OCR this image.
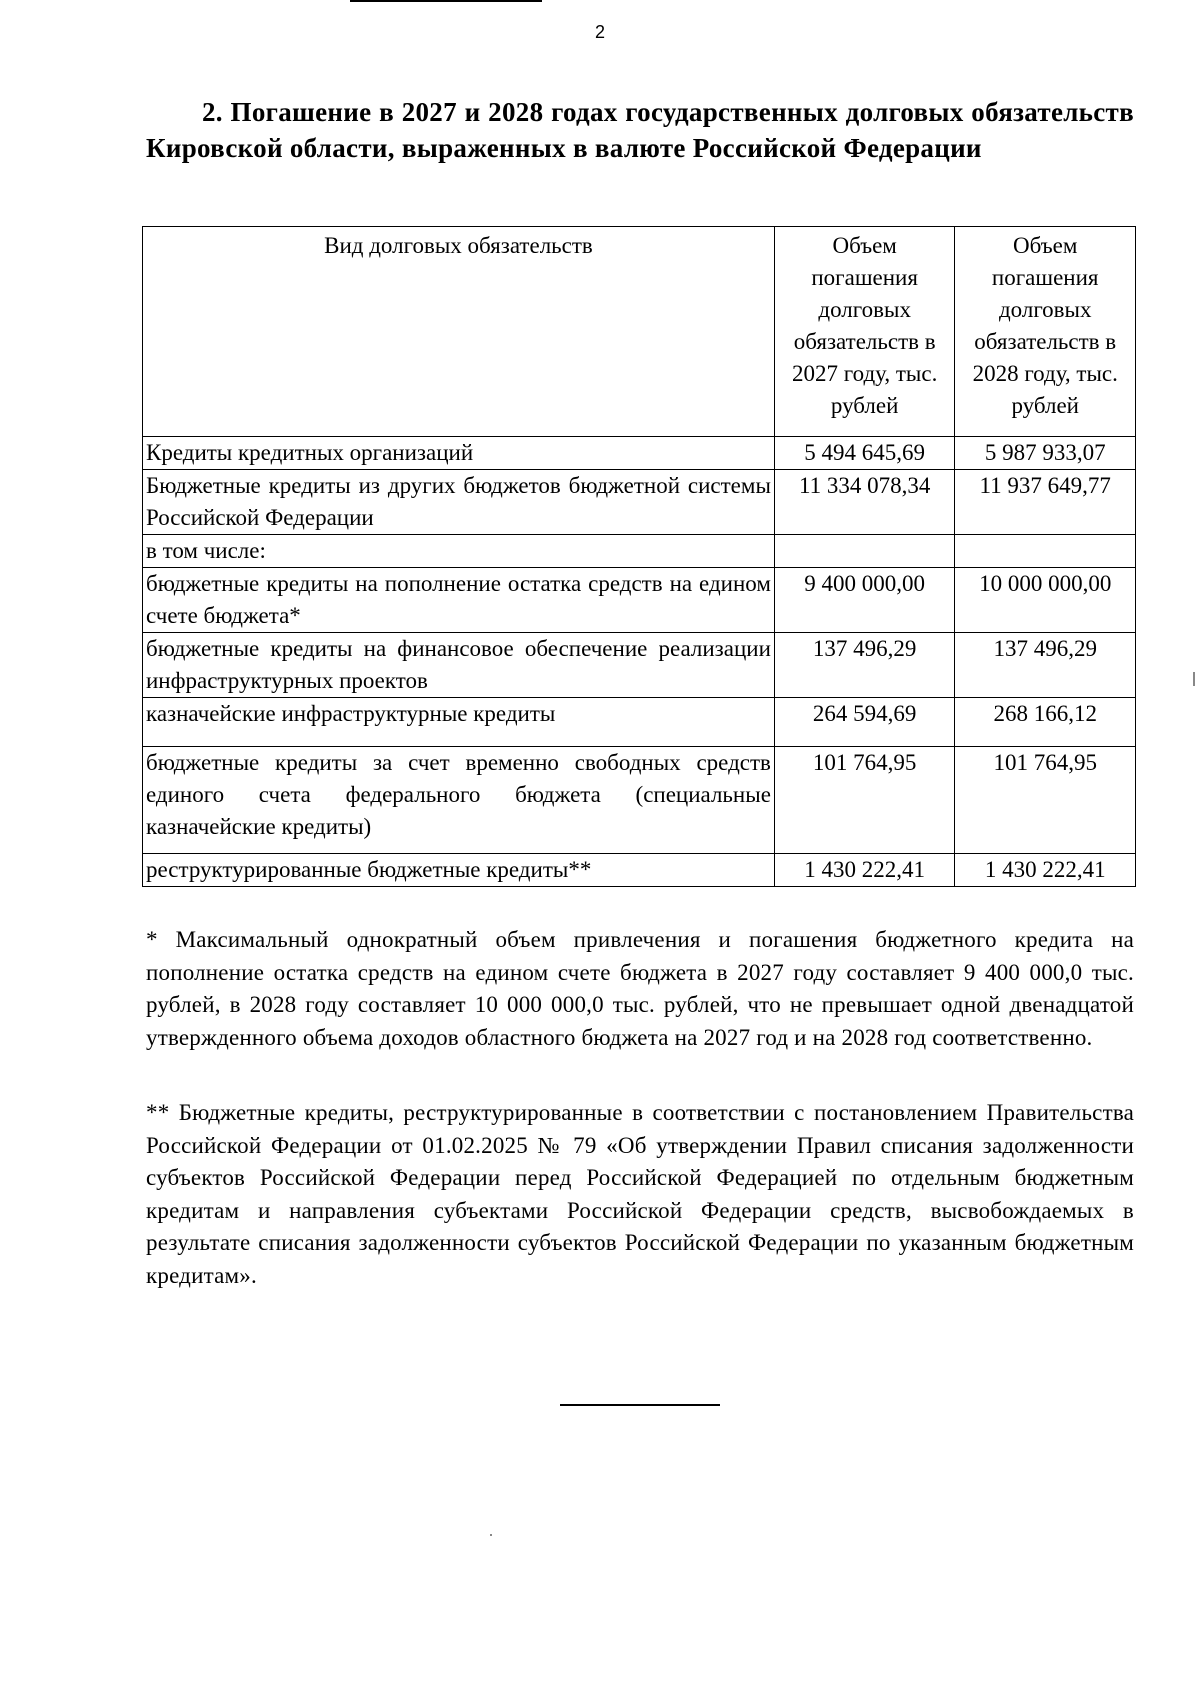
2
2. Погашение в 2027 и 2028 годах государственных долговых обязательств Кировской области, выраженных в валюте Российской Федерации
Вид долговых обязательств	Объем погашения долговых обязательств в 2027 году, тыс. рублей	Объем погашения долговых обязательств в 2028 году, тыс. рублей
Кредиты кредитных организаций	5 494 645,69	5 987 933,07
Бюджетные кредиты из других бюджетов бюджетной системы Российской Федерации	11 334 078,34	11 937 649,77
в том числе:		
бюджетные кредиты на пополнение остатка средств на едином счете бюджета*	9 400 000,00	10 000 000,00
бюджетные кредиты на финансовое обеспечение реализации инфраструктурных проектов	137 496,29	137 496,29
казначейские инфраструктурные кредиты	264 594,69	268 166,12
бюджетные кредиты за счет временно свободных средств единого счета федерального бюджета (специальные казначейские кредиты)	101 764,95	101 764,95
реструктурированные бюджетные кредиты**	1 430 222,41	1 430 222,41
* Максимальный однократный объем привлечения и погашения бюджетного кредита на пополнение остатка средств на едином счете бюджета в 2027 году составляет 9 400 000,0 тыс. рублей, в 2028 году составляет 10 000 000,0 тыс. рублей, что не превышает одной двенадцатой утвержденного объема доходов областного бюджета на 2027 год и на 2028 год соответственно.
** Бюджетные кредиты, реструктурированные в соответствии с постановлением Правительства Российской Федерации от 01.02.2025 № 79 «Об утверждении Правил списания задолженности субъектов Российской Федерации перед Российской Федерацией по отдельным бюджетным кредитам и направления субъектами Российской Федерации средств, высвобождаемых в результате списания задолженности субъектов Российской Федерации по указанным бюджетным кредитам».
